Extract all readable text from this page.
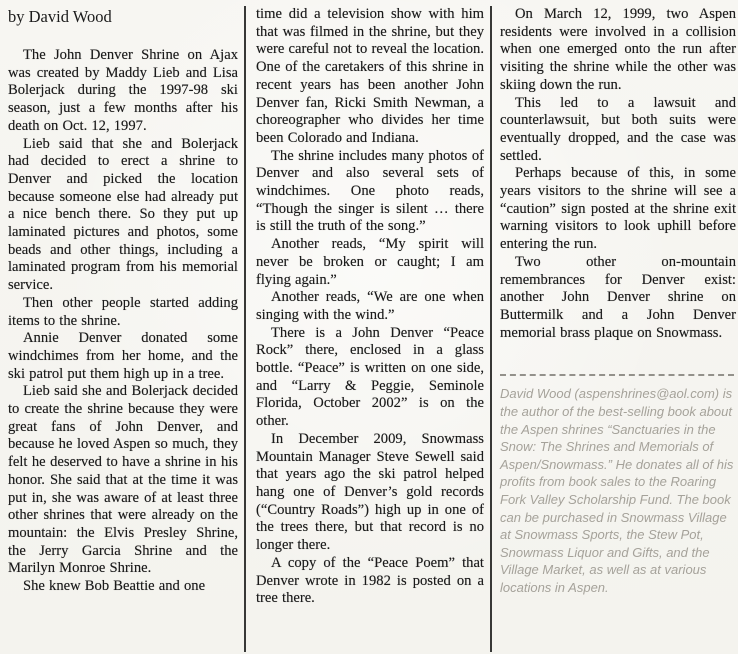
by David Wood

The John Denver Shrine on Ajax was created by Maddy Lieb and Lisa Bolerjack during the 1997-98 ski season, just a few months after his death on Oct. 12, 1997.

Lieb said that she and Bolerjack had decided to erect a shrine to Denver and picked the location because someone else had already put a nice bench there. So they put up laminated pictures and photos, some beads and other things, including a laminated program from his memorial service.

Then other people started adding items to the shrine.

Annie Denver donated some windchimes from her home, and the ski patrol put them high up in a tree.

Lieb said she and Bolerjack decided to create the shrine because they were great fans of John Denver, and because he loved Aspen so much, they felt he deserved to have a shrine in his honor. She said that at the time it was put in, she was aware of at least three other shrines that were already on the mountain: the Elvis Presley Shrine, the Jerry Garcia Shrine and the Marilyn Monroe Shrine.

She knew Bob Beattie and one

time did a television show with him that was filmed in the shrine, but they were careful not to reveal the location. One of the caretakers of this shrine in recent years has been another John Denver fan, Ricki Smith Newman, a choreographer who divides her time been Colorado and Indiana.

The shrine includes many photos of Denver and also several sets of windchimes. One photo reads, “Though the singer is silent … there is still the truth of the song.”

Another reads, “My spirit will never be broken or caught; I am flying again.”

Another reads, “We are one when singing with the wind.”

There is a John Denver “Peace Rock” there, enclosed in a glass bottle. “Peace” is written on one side, and “Larry & Peggie, Seminole Florida, October 2002” is on the other.

In December 2009, Snowmass Mountain Manager Steve Sewell said that years ago the ski patrol helped hang one of Denver’s gold records (“Country Roads”) high up in one of the trees there, but that record is no longer there.

A copy of the “Peace Poem” that Denver wrote in 1982 is posted on a tree there.

On March 12, 1999, two Aspen residents were involved in a collision when one emerged onto the run after visiting the shrine while the other was skiing down the run.

This led to a lawsuit and counterlawsuit, but both suits were eventually dropped, and the case was settled.

Perhaps because of this, in some years visitors to the shrine will see a “caution” sign posted at the shrine exit warning visitors to look uphill before entering the run.

Two other on-mountain remembrances for Denver exist: another John Denver shrine on Buttermilk and a John Denver memorial brass plaque on Snowmass.

David Wood (aspenshrines@aol.com) is the author of the best-selling book about the Aspen shrines “Sanctuaries in the Snow: The Shrines and Memorials of Aspen/Snowmass.” He donates all of his profits from book sales to the Roaring Fork Valley Scholarship Fund. The book can be purchased in Snowmass Village at Snowmass Sports, the Stew Pot, Snowmass Liquor and Gifts, and the Village Market, as well as at various locations in Aspen.
